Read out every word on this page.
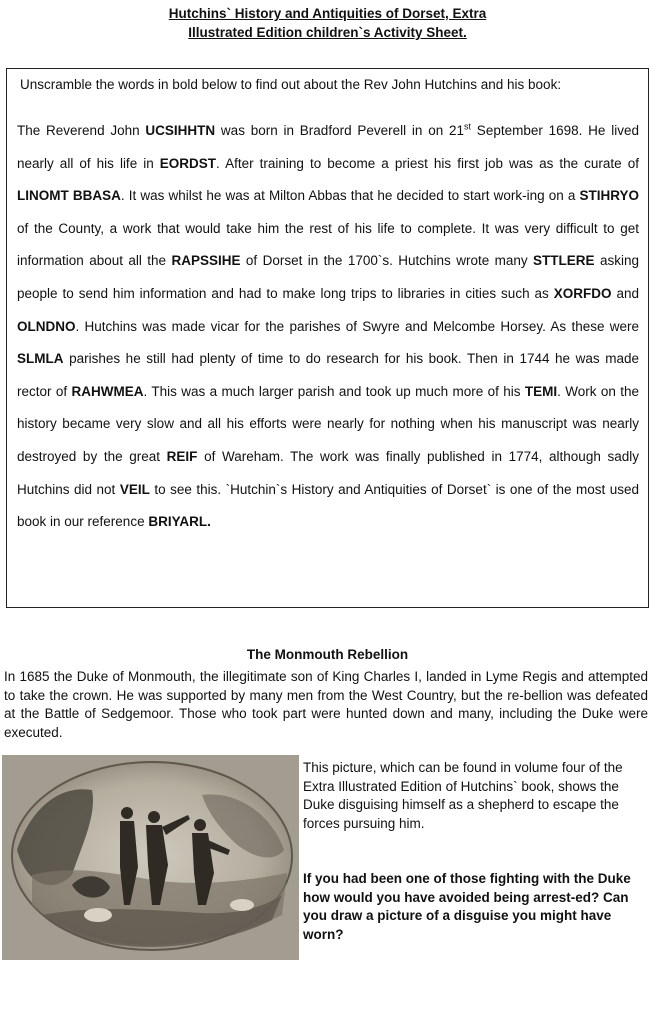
Hutchins` History and Antiquities of Dorset, Extra
Illustrated Edition children`s Activity Sheet.
Unscramble the words in bold below to find out about the Rev John Hutchins and his book:
The Reverend John UCSIHHTN was born in Bradford Peverell in on 21st September 1698. He lived nearly all of his life in EORDST. After training to become a priest his first job was as the curate of LINOMT BBASA. It was whilst he was at Milton Abbas that he decided to start work-ing on a STIHRYO of the County, a work that would take him the rest of his life to complete. It was very difficult to get information about all the RAPSSIHE of Dorset in the 1700`s. Hutchins wrote many STTLERE asking people to send him information and had to make long trips to libraries in cities such as XORFDO and OLNDNO. Hutchins was made vicar for the parishes of Swyre and Melcombe Horsey. As these were SLMLA parishes he still had plenty of time to do research for his book. Then in 1744 he was made rector of RAHWMEA. This was a much larger parish and took up much more of his TEMI. Work on the history became very slow and all his efforts were nearly for nothing when his manuscript was nearly destroyed by the great REIF of Wareham. The work was finally published in 1774, although sadly Hutchins did not VEIL to see this. `Hutchin`s History and Antiquities of Dorset` is one of the most used book in our reference BRIYARL.
The Monmouth Rebellion
In 1685 the Duke of Monmouth, the illegitimate son of King Charles I, landed in Lyme Regis and attempted to take the crown. He was supported by many men from the West Country, but the re-bellion was defeated at the Battle of Sedgemoor. Those who took part were hunted down and many, including the Duke were executed.
This picture, which can be found in volume four of the Extra Illustrated Edition of Hutchins` book, shows the Duke disguising himself as a shepherd to escape the forces pursuing him.
If you had been one of those fighting with the Duke how would you have avoided being arrest-ed? Can you draw a picture of a disguise you might have worn?
